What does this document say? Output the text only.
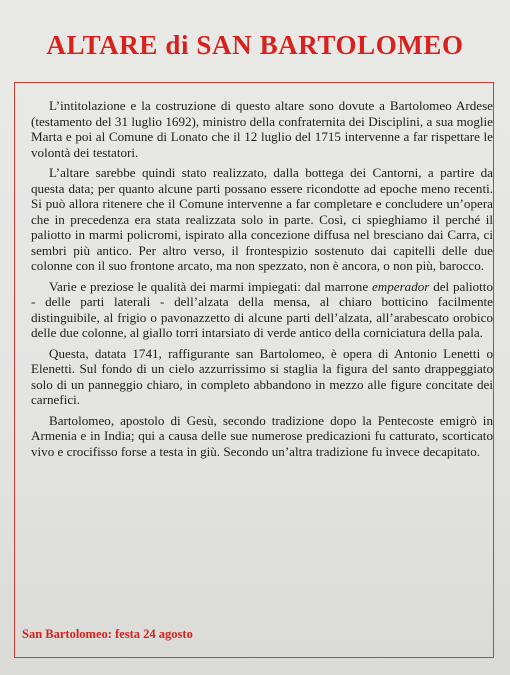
ALTARE di SAN BARTOLOMEO

L’intitolazione e la costruzione di questo altare sono dovute a Bartolomeo Ardese (testamento del 31 luglio 1692), ministro della confraternita dei Disciplini, a sua moglie Marta e poi al Comune di Lonato che il 12 luglio del 1715 intervenne a far rispettare le volontà dei testatori.

L’altare sarebbe quindi stato realizzato, dalla bottega dei Cantorni, a partire da questa data; per quanto alcune parti possano essere ricondotte ad epoche meno recenti. Si può allora ritenere che il Comune intervenne a far completare e concludere un’opera che in precedenza era stata realizzata solo in parte. Così, ci spieghiamo il perché il paliotto in marmi policromi, ispirato alla concezione diffusa nel bresciano dai Carra, ci sembri più antico. Per altro verso, il frontespizio sostenuto dai capitelli delle due colonne con il suo frontone arcato, ma non spezzato, non è ancora, o non più, barocco.

Varie e preziose le qualità dei marmi impiegati: dal marrone emperador del paliotto - delle parti laterali - dell’alzata della mensa, al chiaro botticino facilmente distinguibile, al frigio o pavonazzetto di alcune parti dell’alzata, all’arabescato orobico delle due colonne, al giallo torri intarsiato di verde antico della corniciatura della pala.

Questa, datata 1741, raffigurante san Bartolomeo, è opera di Antonio Lenetti o Elenetti. Sul fondo di un cielo azzurrissimo si staglia la figura del santo drappeggiato solo di un panneggio chiaro, in completo abbandono in mezzo alle figure concitate dei carnefici.

Bartolomeo, apostolo di Gesù, secondo tradizione dopo la Pentecoste emigrò in Armenia e in India; qui a causa delle sue numerose predicazioni fu catturato, scorticato vivo e crocifisso forse a testa in giù. Secondo un’altra tradizione fu invece decapitato.

San Bartolomeo: festa 24 agosto
